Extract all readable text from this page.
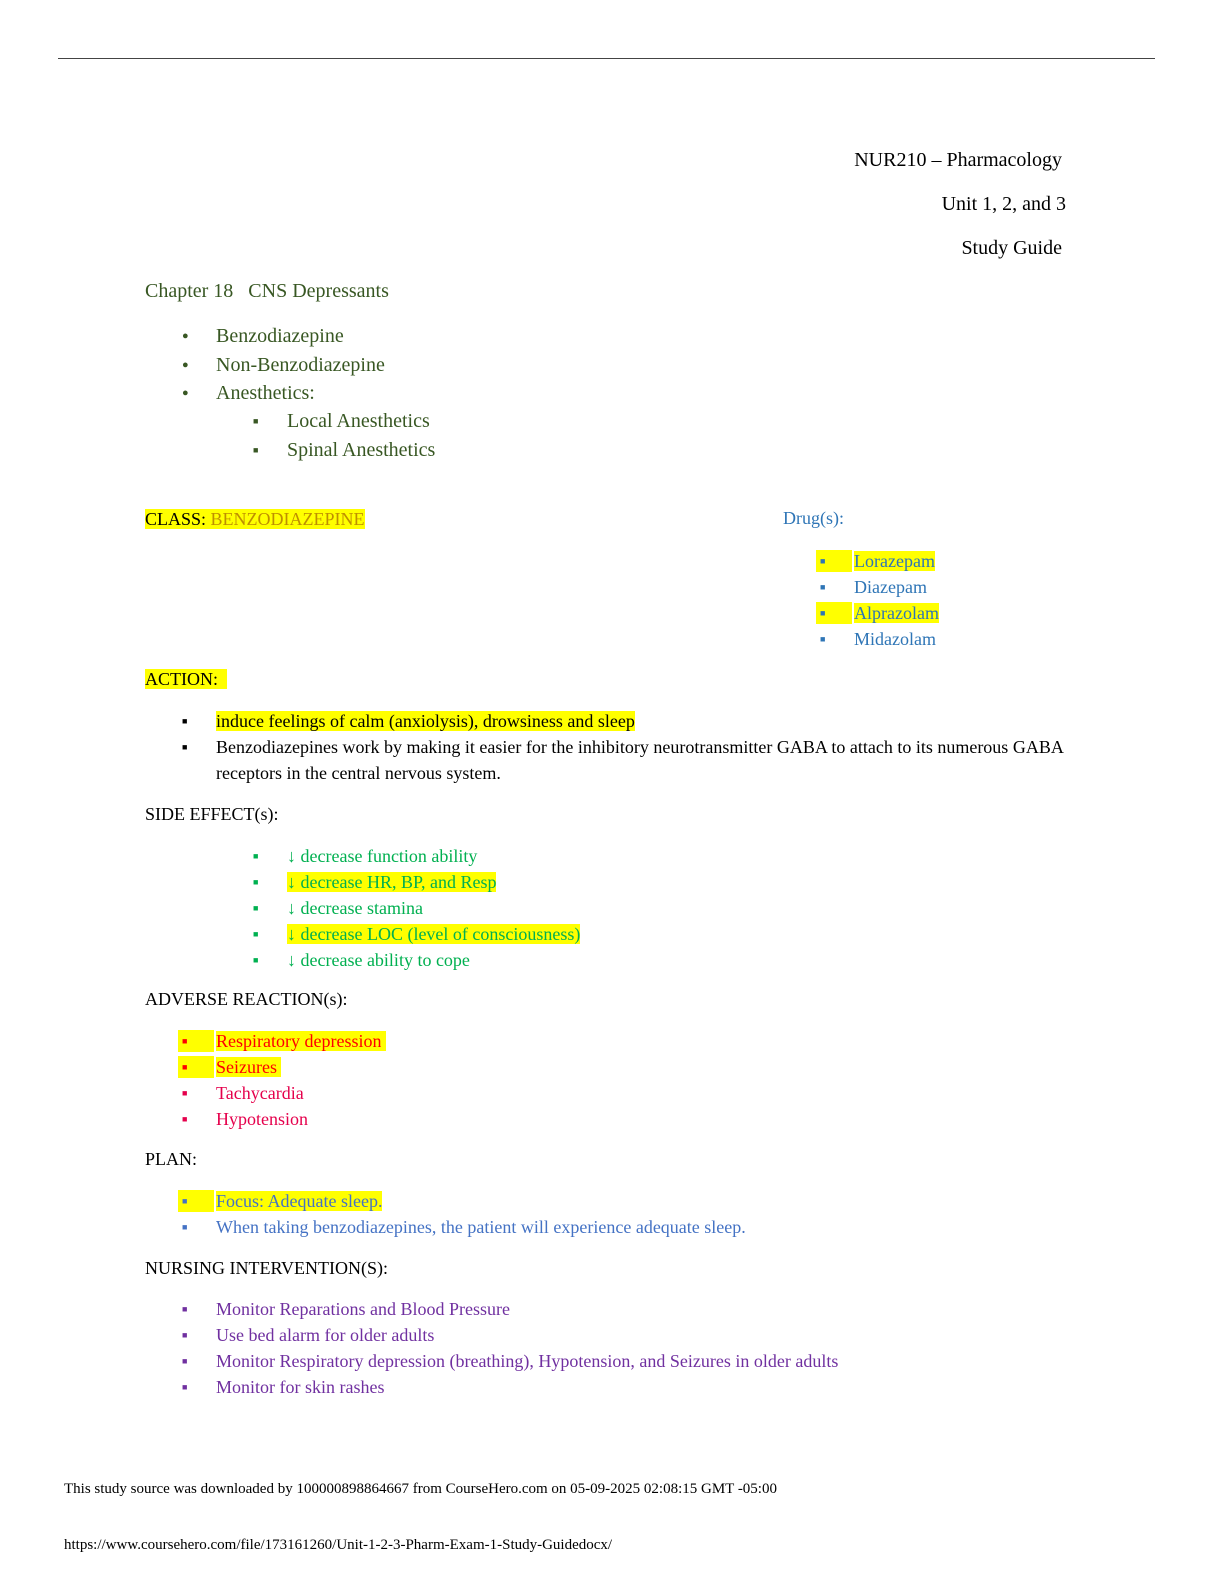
NUR210 – Pharmacology
Unit 1, 2, and 3
Study Guide
Chapter 18   CNS Depressants
● Benzodiazepine
● Non-Benzodiazepine
● Anesthetics:
■ Local Anesthetics
■ Spinal Anesthetics
CLASS: BENZODIAZEPINE	Drug(s):
■ Lorazepam
■ Diazepam
■ Alprazolam
■ Midazolam
ACTION:
■ induce feelings of calm (anxiolysis), drowsiness and sleep
■ Benzodiazepines work by making it easier for the inhibitory neurotransmitter GABA to attach to its numerous GABA receptors in the central nervous system.
SIDE EFFECT(s):
■ ↓ decrease function ability
■ ↓ decrease HR, BP, and Resp
■ ↓ decrease stamina
■ ↓ decrease LOC (level of consciousness)
■ ↓ decrease ability to cope
ADVERSE REACTION(s):
■ Respiratory depression
■ Seizures
■ Tachycardia
■ Hypotension
PLAN:
■ Focus: Adequate sleep.
■ When taking benzodiazepines, the patient will experience adequate sleep.
NURSING INTERVENTION(S):
■ Monitor Reparations and Blood Pressure
■ Use bed alarm for older adults
■ Monitor Respiratory depression (breathing), Hypotension, and Seizures in older adults
■ Monitor for skin rashes
This study source was downloaded by 100000898864667 from CourseHero.com on 05-09-2025 02:08:15 GMT -05:00
https://www.coursehero.com/file/173161260/Unit-1-2-3-Pharm-Exam-1-Study-Guidedocx/
